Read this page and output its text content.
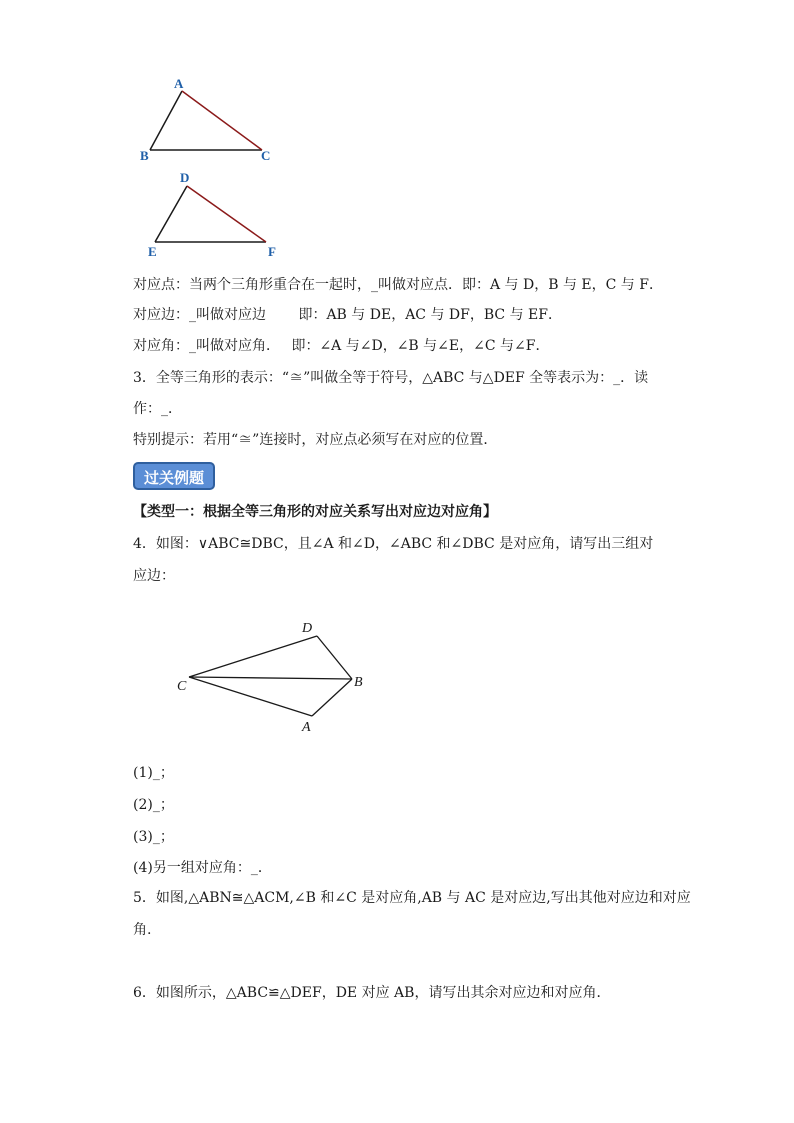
A
B	C
D
E	F
对应点：当两个三角形重合在一起时，_叫做对应点．即：A 与 D，B 与 E，C 与 F．
对应边：_叫做对应边　　 即：AB 与 DE，AC 与 DF，BC 与 EF．
对应角：_叫做对应角．　 即：∠A 与∠D，∠B 与∠E，∠C 与∠F．
3．全等三角形的表示：“≅”叫做全等于符号，△ABC 与△DEF 全等表示为：_．读
作：_．
特别提示：若用“≅”连接时，对应点必须写在对应的位置．
过关例题
【类型一：根据全等三角形的对应关系写出对应边对应角】
4．如图：∨ABC≅DBC，且∠A 和∠D，∠ABC 和∠DBC 是对应角，请写出三组对
应边：
D
C	B
A
(1)_；
(2)_；
(3)_；
(4)另一组对应角：_．
5．如图,△ABN≅△ACM,∠B 和∠C 是对应角,AB 与 AC 是对应边,写出其他对应边和对应
角.
6．如图所示，△ABC≌△DEF，DE 对应 AB，请写出其余对应边和对应角．
